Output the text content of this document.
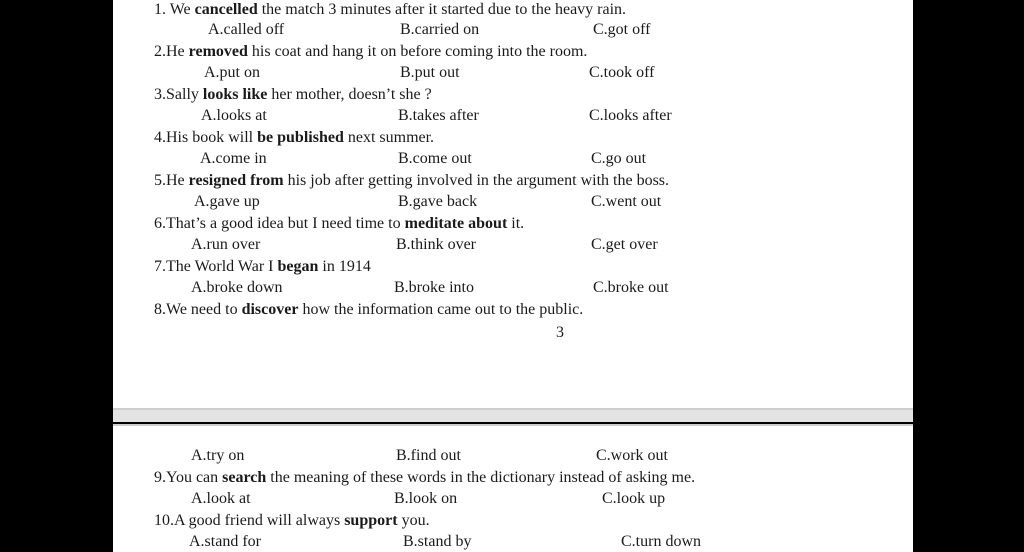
1. We cancelled the match 3 minutes after it started due to the heavy rain.
A.called off	B.carried on	C.got off
2.He removed his coat and hang it on before coming into the room.
A.put on	B.put out	C.took off
3.Sally looks like her mother, doesn’t she ?
A.looks at	B.takes after	C.looks after
4.His book will be published next summer.
A.come in	B.come out	C.go out
5.He resigned from his job after getting involved in the argument with the boss.
A.gave up	B.gave back	C.went out
6.That’s a good idea but I need time to meditate about it.
A.run over	B.think over	C.get over
7.The World War I began in 1914
A.broke down	B.broke into	C.broke out
8.We need to discover how the information came out to the public.
3
A.try on	B.find out	C.work out
9.You can search the meaning of these words in the dictionary instead of asking me.
A.look at	B.look on	C.look up
10.A good friend will always support you.
A.stand for	B.stand by	C.turn down
